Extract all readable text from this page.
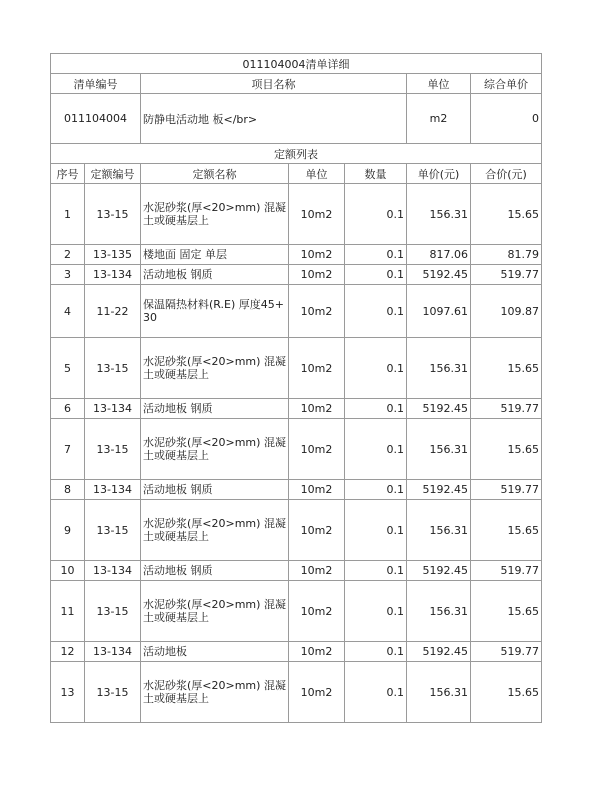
011104004清单详细						
清单编号		项目名称			单位	综合单价
011104004		防静电活动地 板</br>			m2	0
定额列表						
序号	定额编号	定额名称	单位	数量	单价(元)	合价(元)
1	13-15	水泥砂浆(厚<20>mm) 混凝土或硬基层上	10m2	0.1	156.31	15.65
2	13-135	楼地面 固定 单层	10m2	0.1	817.06	81.79
3	13-134	活动地板 钢质	10m2	0.1	5192.45	519.77
4	11-22	保温隔热材料(R.E) 厚度45+30	10m2	0.1	1097.61	109.87
5	13-15	水泥砂浆(厚<20>mm) 混凝土或硬基层上	10m2	0.1	156.31	15.65
6	13-134	活动地板 钢质	10m2	0.1	5192.45	519.77
7	13-15	水泥砂浆(厚<20>mm) 混凝土或硬基层上	10m2	0.1	156.31	15.65
8	13-134	活动地板 钢质	10m2	0.1	5192.45	519.77
9	13-15	水泥砂浆(厚<20>mm) 混凝土或硬基层上	10m2	0.1	156.31	15.65
10	13-134	活动地板 钢质	10m2	0.1	5192.45	519.77
11	13-15	水泥砂浆(厚<20>mm) 混凝土或硬基层上	10m2	0.1	156.31	15.65
12	13-134	活动地板	10m2	0.1	5192.45	519.77
13	13-15	水泥砂浆(厚<20>mm) 混凝土或硬基层上	10m2	0.1	156.31	15.65
